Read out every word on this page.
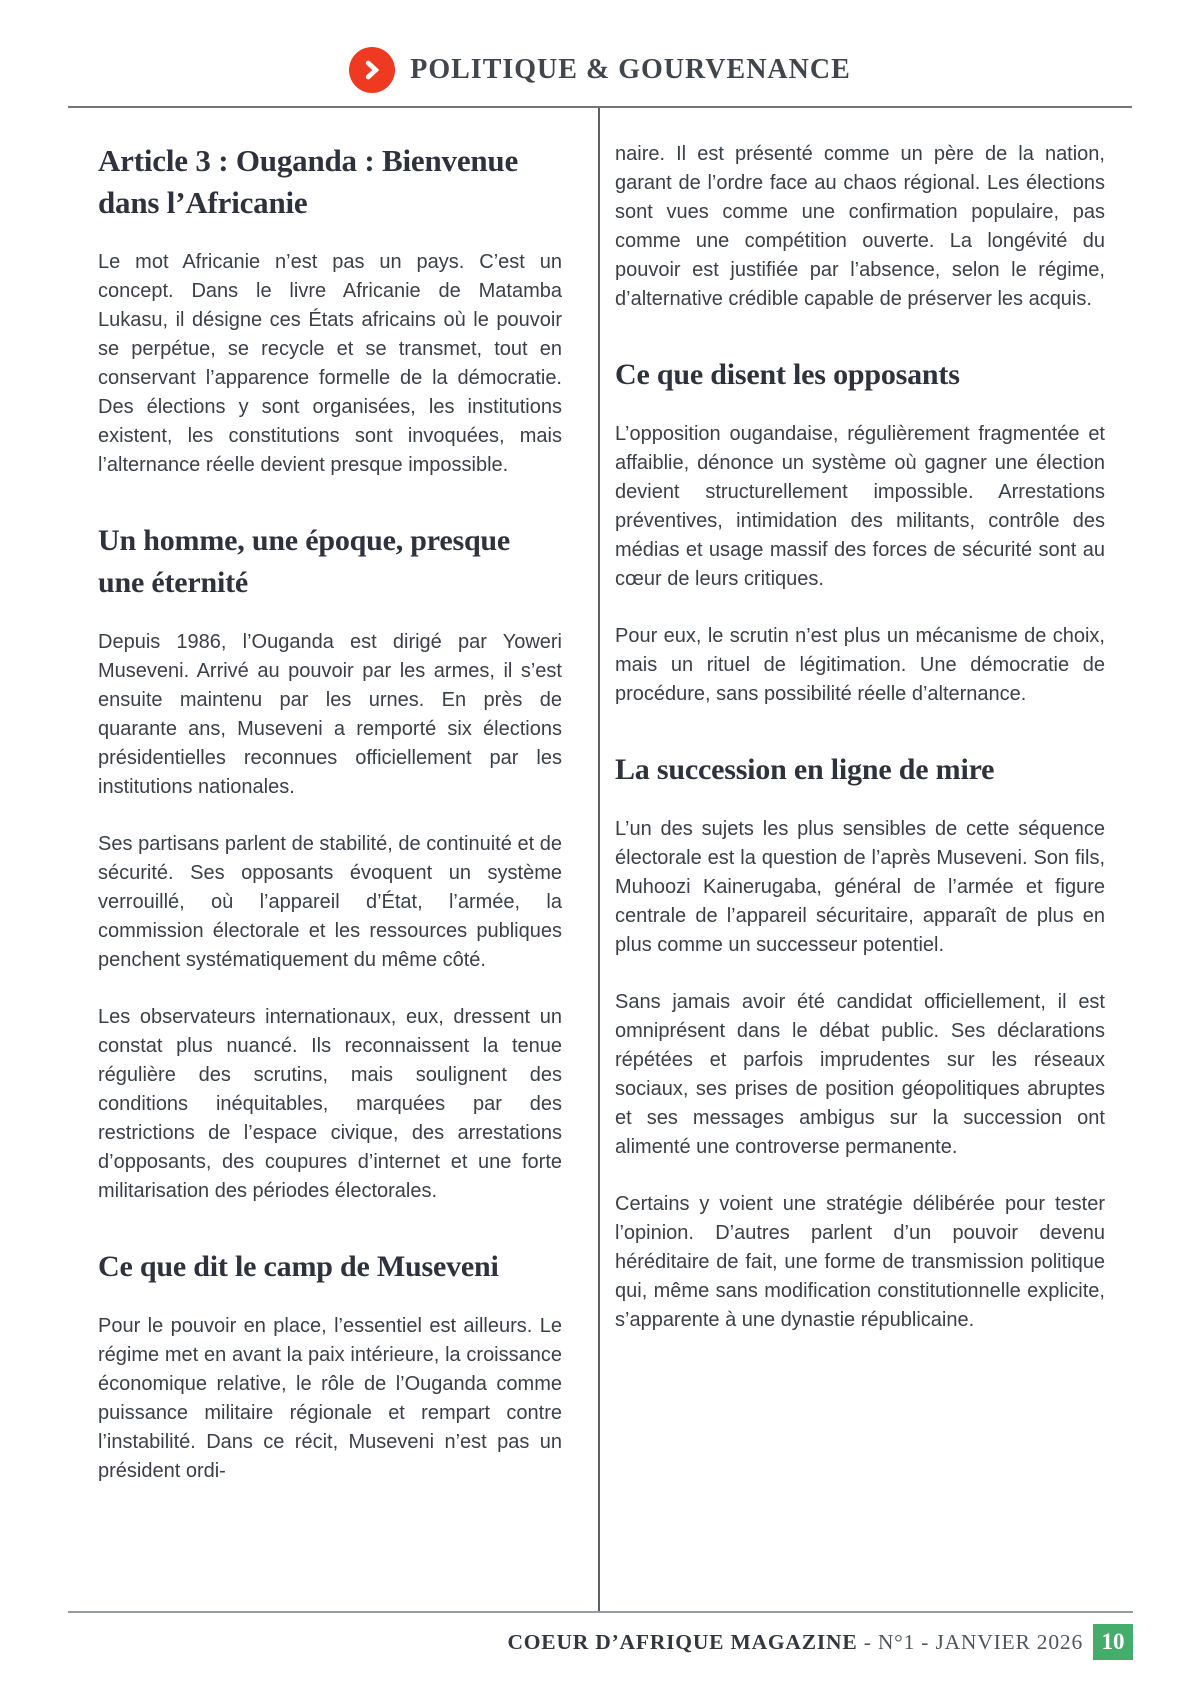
POLITIQUE & GOURVENANCE
Article 3 : Ouganda : Bienvenue dans l’Africanie

Le mot Africanie n’est pas un pays. C’est un concept. Dans le livre Africanie de Matamba Lukasu, il désigne ces États africains où le pouvoir se perpétue, se recycle et se transmet, tout en conservant l’apparence formelle de la démocratie. Des élections y sont organisées, les institutions existent, les constitutions sont invoquées, mais l’alternance réelle devient presque impossible.

Un homme, une époque, presque une éternité

Depuis 1986, l’Ouganda est dirigé par Yoweri Museveni. Arrivé au pouvoir par les armes, il s’est ensuite maintenu par les urnes. En près de quarante ans, Museveni a remporté six élections présidentielles reconnues officiellement par les institutions nationales.

Ses partisans parlent de stabilité, de continuité et de sécurité. Ses opposants évoquent un système verrouillé, où l’appareil d’État, l’armée, la commission électorale et les ressources publiques penchent systématiquement du même côté.

Les observateurs internationaux, eux, dressent un constat plus nuancé. Ils reconnaissent la tenue régulière des scrutins, mais soulignent des conditions inéquitables, marquées par des restrictions de l’espace civique, des arrestations d’opposants, des coupures d’internet et une forte militarisation des périodes électorales.

Ce que dit le camp de Museveni

Pour le pouvoir en place, l’essentiel est ailleurs. Le régime met en avant la paix intérieure, la croissance économique relative, le rôle de l’Ouganda comme puissance militaire régionale et rempart contre l’instabilité. Dans ce récit, Museveni n’est pas un président ordi-

naire. Il est présenté comme un père de la nation, garant de l’ordre face au chaos régional. Les élections sont vues comme une confirmation populaire, pas comme une compétition ouverte. La longévité du pouvoir est justifiée par l’absence, selon le régime, d’alternative crédible capable de préserver les acquis.

Ce que disent les opposants

L’opposition ougandaise, régulièrement fragmentée et affaiblie, dénonce un système où gagner une élection devient structurellement impossible. Arrestations préventives, intimidation des militants, contrôle des médias et usage massif des forces de sécurité sont au cœur de leurs critiques.

Pour eux, le scrutin n’est plus un mécanisme de choix, mais un rituel de légitimation. Une démocratie de procédure, sans possibilité réelle d’alternance.

La succession en ligne de mire

L’un des sujets les plus sensibles de cette séquence électorale est la question de l’après Museveni. Son fils, Muhoozi Kainerugaba, général de l’armée et figure centrale de l’appareil sécuritaire, apparaît de plus en plus comme un successeur potentiel.

Sans jamais avoir été candidat officiellement, il est omniprésent dans le débat public. Ses déclarations répétées et parfois imprudentes sur les réseaux sociaux, ses prises de position géopolitiques abruptes et ses messages ambigus sur la succession ont alimenté une controverse permanente.

Certains y voient une stratégie délibérée pour tester l’opinion. D’autres parlent d’un pouvoir devenu héréditaire de fait, une forme de transmission politique qui, même sans modification constitutionnelle explicite, s’apparente à une dynastie républicaine.

COEUR D’AFRIQUE MAGAZINE - N°1 - JANVIER 2026 10
